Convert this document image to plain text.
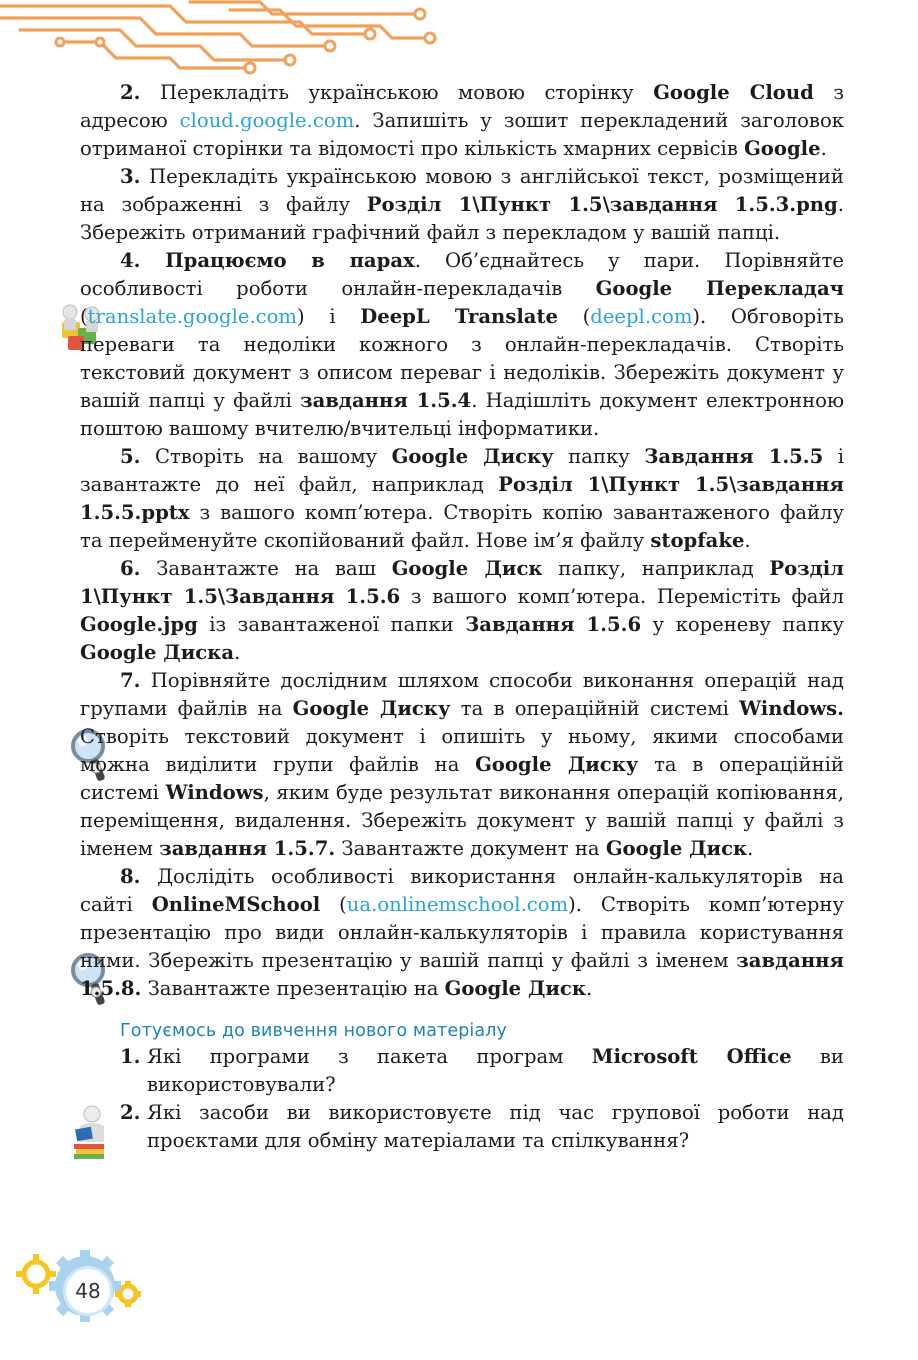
2. Перекладіть українською мовою сторінку Google Cloud з адресою cloud.google.com. Запишіть у зошит перекладений заголовок отриманої сторінки та відомості про кількість хмарних сервісів Google.

3. Перекладіть українською мовою з англійської текст, розміщений на зображенні з файлу Розділ 1\Пункт 1.5\завдання 1.5.3.png. Збережіть отриманий графічний файл з перекладом у вашій папці.

4. Працюємо в парах. Об’єднайтесь у пари. Порівняйте особливості роботи онлайн-перекладачів Google Перекладач (translate.google.com) і DeepL Translate (deepl.com). Обговоріть переваги та недоліки кожного з онлайн-перекладачів. Створіть текстовий документ з описом переваг і недоліків. Збережіть документ у вашій папці у файлі завдання 1.5.4. Надішліть документ електронною поштою вашому вчителю/вчительці інформатики.

5. Створіть на вашому Google Диску папку Завдання 1.5.5 і завантажте до неї файл, наприклад Розділ 1\Пункт 1.5\завдання 1.5.5.pptx з вашого комп’ютера. Створіть копію завантаженого файлу та перейменуйте скопійований файл. Нове ім’я файлу stopfake.

6. Завантажте на ваш Google Диск папку, наприклад Розділ 1\Пункт 1.5\Завдання 1.5.6 з вашого комп’ютера. Перемістіть файл Google.jpg із завантаженої папки Завдання 1.5.6 у кореневу папку Google Диска.

7. Порівняйте дослідним шляхом способи виконання операцій над групами файлів на Google Диску та в операційній системі Windows. Створіть текстовий документ і опишіть у ньому, якими способами можна виділити групи файлів на Google Диску та в операційній системі Windows, яким буде результат виконання операцій копіювання, переміщення, видалення. Збережіть документ у вашій папці у файлі з іменем завдання 1.5.7. Завантажте документ на Google Диск.

8. Дослідіть особливості використання онлайн-калькуляторів на сайті OnlineMSchool (ua.onlinemschool.com). Створіть комп’ютерну презентацію про види онлайн-калькуляторів і правила користування ними. Збережіть презентацію у вашій папці у файлі з іменем завдання 1.5.8. Завантажте презентацію на Google Диск.

Готуємось до вивчення нового матеріалу
1. Які програми з пакета програм Microsoft Office ви використовували?
2. Які засоби ви використовуєте під час групової роботи над проєктами для обміну матеріалами та спілкування?
48
